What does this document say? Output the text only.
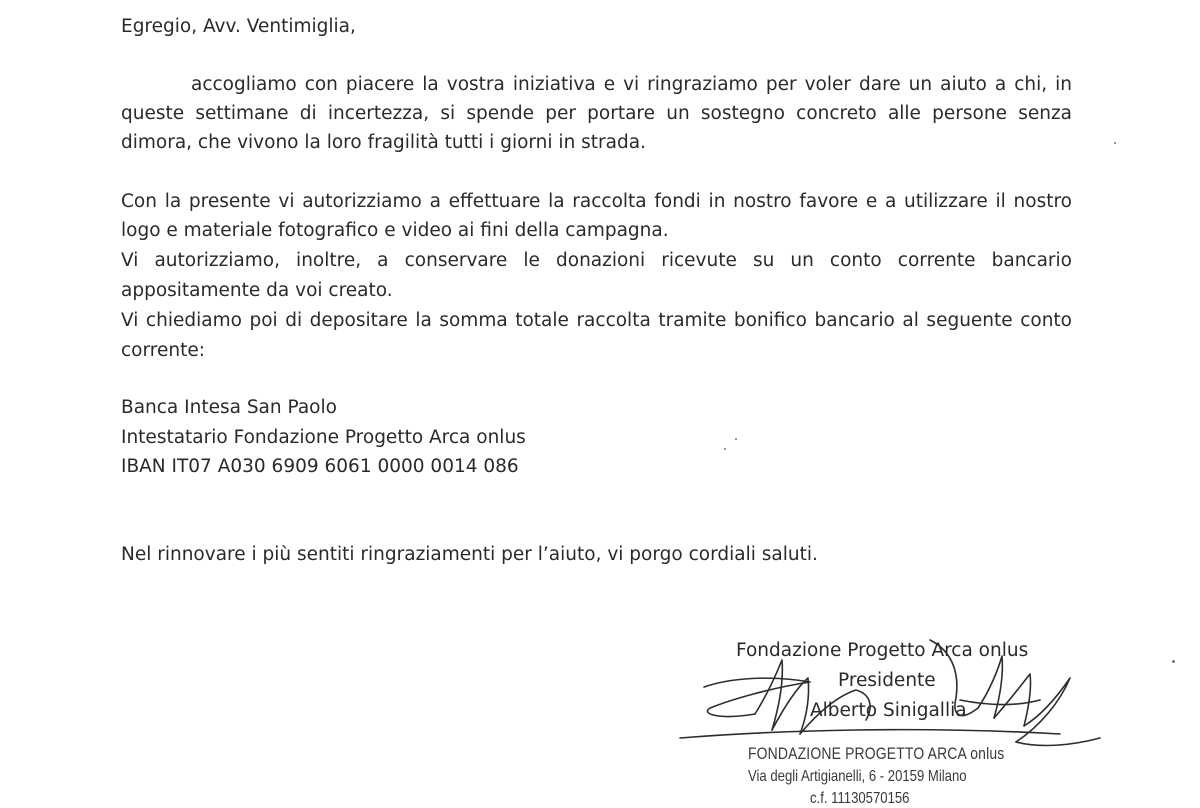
Egregio, Avv. Ventimiglia,
accogliamo con piacere la vostra iniziativa e vi ringraziamo per voler dare un aiuto a chi, in
queste settimane di incertezza, si spende per portare un sostegno concreto alle persone senza
dimora, che vivono la loro fragilità tutti i giorni in strada.
Con la presente vi autorizziamo a effettuare la raccolta fondi in nostro favore e a utilizzare il nostro
logo e materiale fotografico e video ai fini della campagna.
Vi autorizziamo, inoltre, a conservare le donazioni ricevute su un conto corrente bancario
appositamente da voi creato.
Vi chiediamo poi di depositare la somma totale raccolta tramite bonifico bancario al seguente conto
corrente:
Banca Intesa San Paolo
Intestatario Fondazione Progetto Arca onlus
IBAN IT07 A030 6909 6061 0000 0014 086
Nel rinnovare i più sentiti ringraziamenti per l’aiuto, vi porgo cordiali saluti.
Fondazione Progetto Arca onlus
Presidente
Alberto Sinigallia
FONDAZIONE PROGETTO ARCA onlus
Via degli Artigianelli, 6 - 20159 Milano
c.f. 11130570156
